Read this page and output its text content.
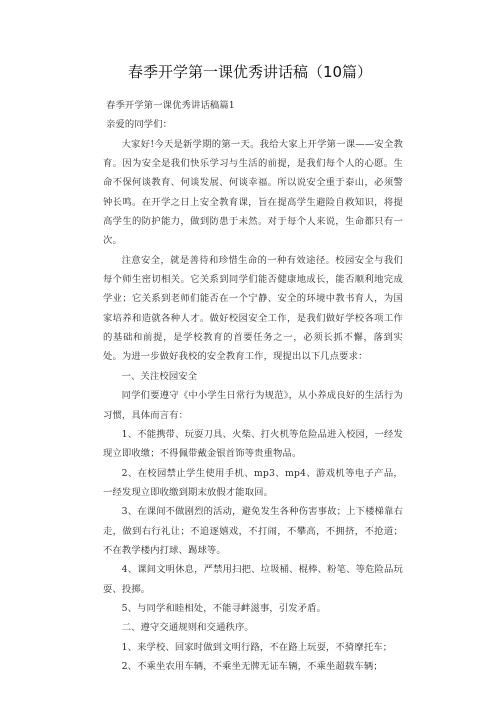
春季开学第一课优秀讲话稿（10篇）

春季开学第一课优秀讲话稿篇1

亲爱的同学们：

大家好!今天是新学期的第一天。我给大家上开学第一课——安全教育。因为安全是我们快乐学习与生活的前提，是我们每个人的心愿。生命不保何谈教育、何谈发展、何谈幸福。所以说安全重于泰山，必须警钟长鸣。在开学之日上安全教育课，旨在提高学生避险自救知识，将提高学生的防护能力，做到防患于未然。对于每个人来说，生命都只有一次。

注意安全，就是善待和珍惜生命的一种有效途径。校园安全与我们每个师生密切相关。它关系到同学们能否健康地成长，能否顺利地完成学业；它关系到老师们能否在一个宁静、安全的环境中教书育人，为国家培养和造就各种人才。做好校园安全工作，是我们做好学校各项工作的基础和前提，是学校教育的首要任务之一，必须长抓不懈，落到实处。为进一步做好我校的安全教育工作，现提出以下几点要求：

一、关注校园安全

同学们要遵守《中小学生日常行为规范》，从小养成良好的生活行为习惯，具体而言有：

1、不能携带、玩耍刀具、火柴、打火机等危险品进入校园，一经发现立即收缴；不得佩带戴金银首饰等贵重物品。

2、在校园禁止学生使用手机、mp3、mp4、游戏机等电子产品，一经发现立即收缴到期末放假才能取回。

3、在课间不做剧烈的活动，避免发生各种伤害事故；上下楼梯靠右走，做到右行礼让；不追逐嬉戏，不打闹，不攀高，不拥挤，不抢道；不在教学楼内打球、踢球等。

4、课间文明休息，严禁用扫把、垃圾桶、棍棒、粉笔、等危险品玩耍、投掷。

5、与同学和睦相处，不能寻衅滋事，引发矛盾。

二、遵守交通规则和交通秩序。

1、来学校、回家时做到文明行路，不在路上玩耍，不骑摩托车；

2、不乘坐农用车辆，不乘坐无牌无证车辆，不乘坐超载车辆；
